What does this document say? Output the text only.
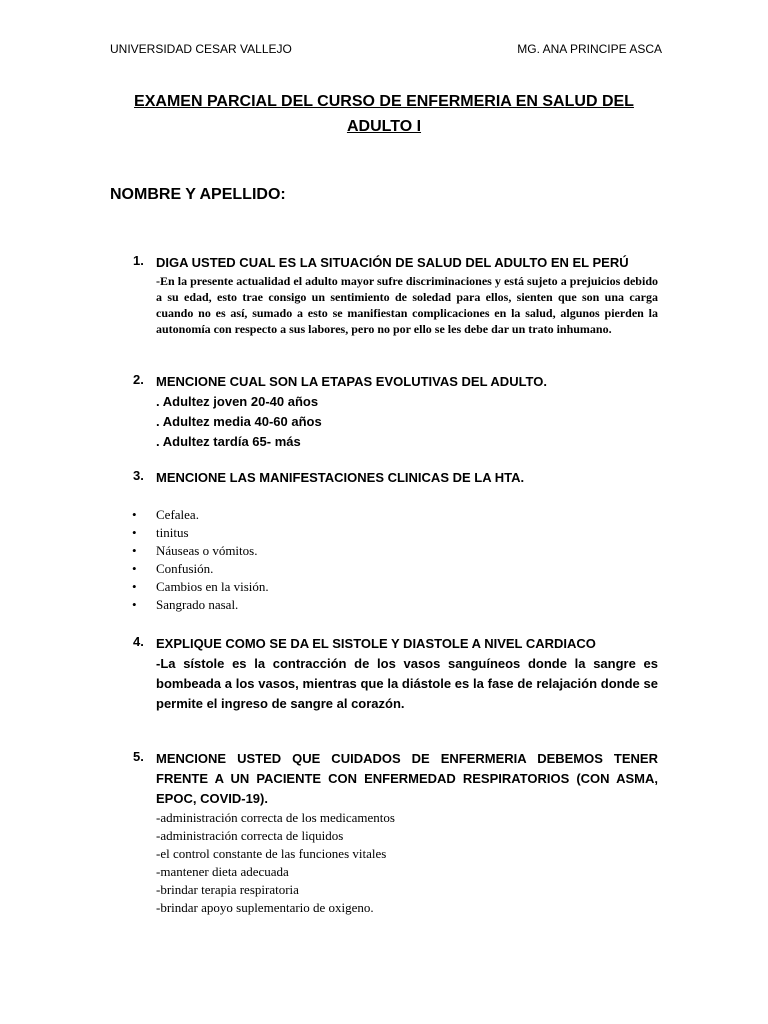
UNIVERSIDAD CESAR VALLEJO	MG. ANA PRINCIPE ASCA
EXAMEN PARCIAL DEL CURSO DE ENFERMERIA EN SALUD DEL ADULTO I
NOMBRE Y APELLIDO:
1. DIGA USTED CUAL ES LA SITUACIÓN DE SALUD DEL ADULTO EN EL PERÚ
-En la presente actualidad el adulto mayor sufre discriminaciones y está sujeto a prejuicios debido a su edad, esto trae consigo un sentimiento de soledad para ellos, sienten que son una carga cuando no es así, sumado a esto se manifiestan complicaciones en la salud, algunos pierden la autonomía con respecto a sus labores, pero no por ello se les debe dar un trato inhumano.
2. MENCIONE CUAL SON LA ETAPAS EVOLUTIVAS DEL ADULTO.
. Adultez joven 20-40 años
. Adultez media 40-60 años
. Adultez tardía 65- más
3. MENCIONE LAS MANIFESTACIONES CLINICAS DE LA HTA.
• Cefalea.
• tinitus
• Náuseas o vómitos.
• Confusión.
• Cambios en la visión.
• Sangrado nasal.
4. EXPLIQUE COMO SE DA EL SISTOLE Y DIASTOLE A NIVEL CARDIACO
-La sístole es la contracción de los vasos sanguíneos donde la sangre es bombeada a los vasos, mientras que la diástole es la fase de relajación donde se permite el ingreso de sangre al corazón.
5. MENCIONE USTED QUE CUIDADOS DE ENFERMERIA DEBEMOS TENER FRENTE A UN PACIENTE CON ENFERMEDAD RESPIRATORIOS (CON ASMA, EPOC, COVID-19).
-administración correcta de los medicamentos
-administración correcta de liquidos
-el control constante de las funciones vitales
-mantener dieta adecuada
-brindar terapia respiratoria
-brindar apoyo suplementario de oxigeno.
